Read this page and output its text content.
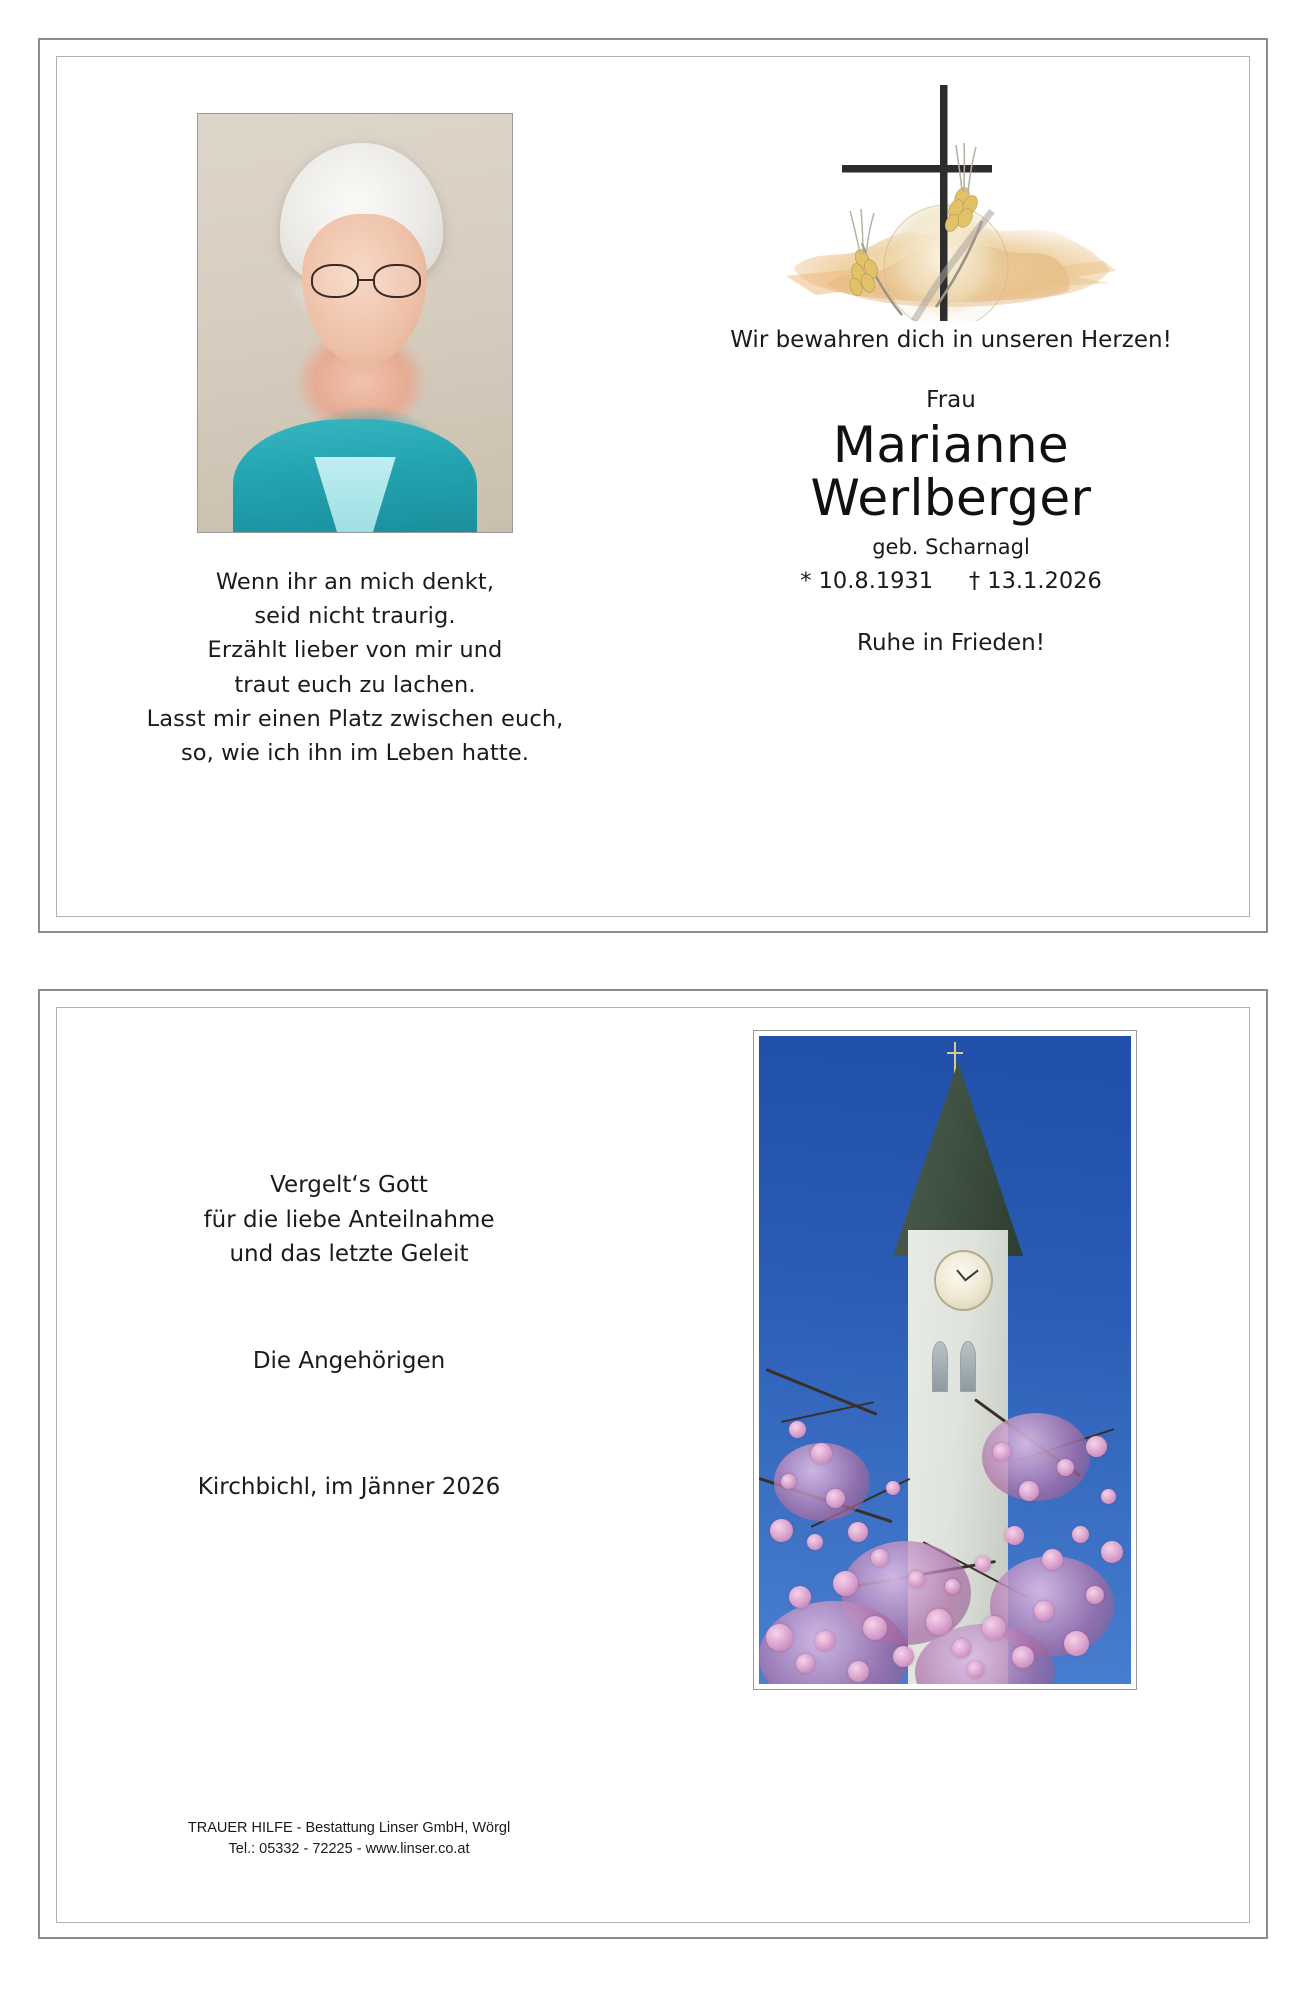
Wenn ihr an mich denkt,
seid nicht traurig.
Erzählt lieber von mir und
traut euch zu lachen.
Lasst mir einen Platz zwischen euch,
so, wie ich ihn im Leben hatte.
Wir bewahren dich in unseren Herzen!
Frau
Marianne
Werlberger
geb. Scharnagl
* 10.8.1931     † 13.1.2026
Ruhe in Frieden!
Vergelt‘s Gott
für die liebe Anteilnahme
und das letzte Geleit
Die Angehörigen
Kirchbichl, im Jänner 2026
TRAUER HILFE - Bestattung Linser GmbH, Wörgl
Tel.: 05332 - 72225 - www.linser.co.at
